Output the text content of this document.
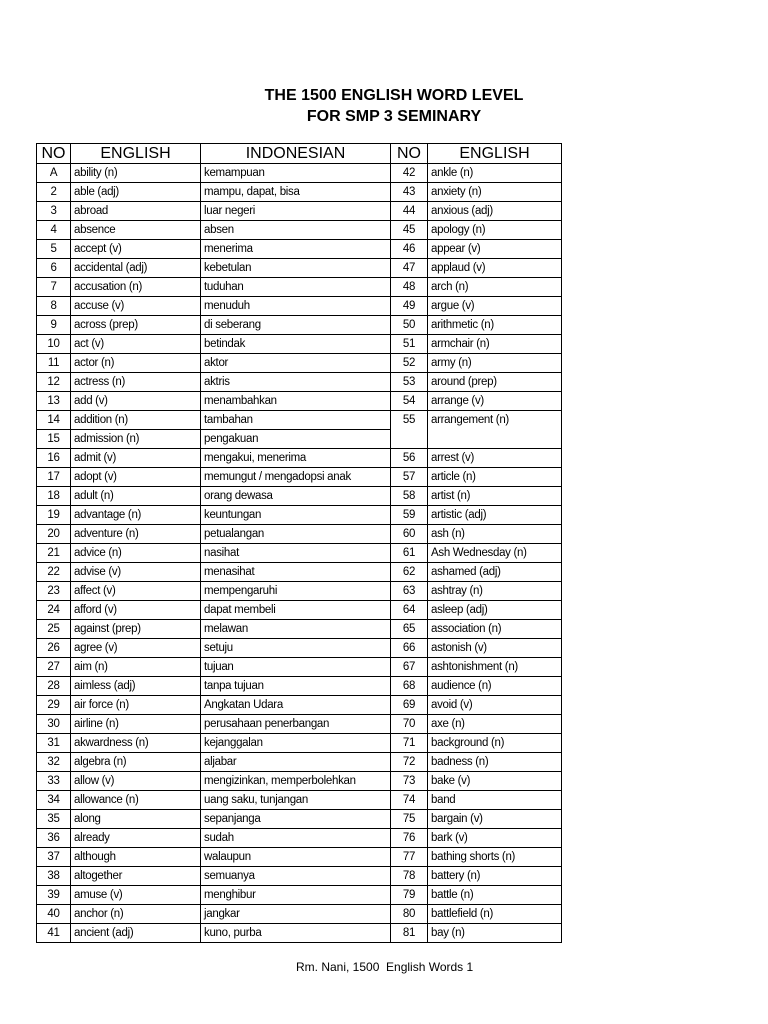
THE 1500 ENGLISH WORD LEVEL
FOR SMP 3 SEMINARY
NO	ENGLISH	INDONESIAN	NO	ENGLISH
A	ability (n)	kemampuan	42	ankle (n)
2	able (adj)	mampu, dapat, bisa	43	anxiety (n)
3	abroad	luar negeri	44	anxious (adj)
4	absence	absen	45	apology (n)
5	accept (v)	menerima	46	appear (v)
6	accidental (adj)	kebetulan	47	applaud (v)
7	accusation (n)	tuduhan	48	arch (n)
8	accuse (v)	menuduh	49	argue (v)
9	across (prep)	di seberang	50	arithmetic (n)
10	act (v)	betindak	51	armchair (n)
11	actor (n)	aktor	52	army (n)
12	actress (n)	aktris	53	around (prep)
13	add (v)	menambahkan	54	arrange (v)
14	addition (n)	tambahan	55	arrangement (n)
15	admission (n)	pengakuan		
16	admit (v)	mengakui, menerima	56	arrest (v)
17	adopt (v)	memungut / mengadopsi anak	57	article (n)
18	adult (n)	orang dewasa	58	artist (n)
19	advantage (n)	keuntungan	59	artistic (adj)
20	adventure (n)	petualangan	60	ash (n)
21	advice (n)	nasihat	61	Ash Wednesday (n)
22	advise (v)	menasihat	62	ashamed (adj)
23	affect (v)	mempengaruhi	63	ashtray (n)
24	afford (v)	dapat membeli	64	asleep (adj)
25	against (prep)	melawan	65	association (n)
26	agree (v)	setuju	66	astonish (v)
27	aim (n)	tujuan	67	ashtonishment (n)
28	aimless (adj)	tanpa tujuan	68	audience (n)
29	air force (n)	Angkatan Udara	69	avoid (v)
30	airline (n)	perusahaan penerbangan	70	axe (n)
31	akwardness (n)	kejanggalan	71	background (n)
32	algebra (n)	aljabar	72	badness (n)
33	allow (v)	mengizinkan, memperbolehkan	73	bake (v)
34	allowance (n)	uang saku, tunjangan	74	band
35	along	sepanjanga	75	bargain (v)
36	already	sudah	76	bark (v)
37	although	walaupun	77	bathing shorts (n)
38	altogether	semuanya	78	battery (n)
39	amuse (v)	menghibur	79	battle (n)
40	anchor (n)	jangkar	80	battlefield (n)
41	ancient (adj)	kuno, purba	81	bay (n)
Rm. Nani, 1500  English Words 1
